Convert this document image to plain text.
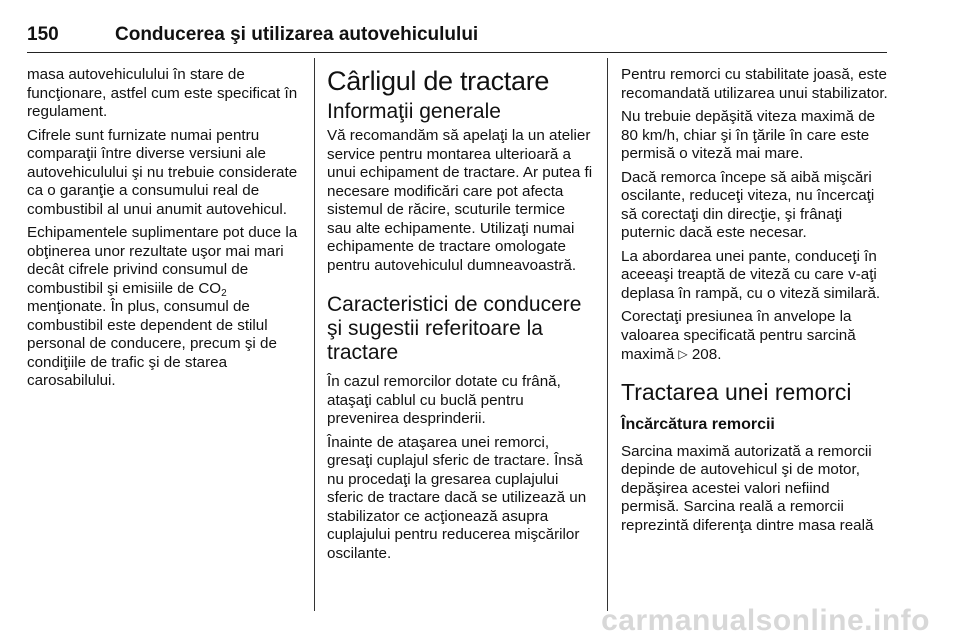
150	Conducerea şi utilizarea autovehiculului

masa autovehiculului în stare de funcţionare, astfel cum este specificat în regulament.

Cifrele sunt furnizate numai pentru comparaţii între diverse versiuni ale autovehiculului şi nu trebuie considerate ca o garanţie a consumului real de combustibil al unui anumit autovehicul.

Echipamentele suplimentare pot duce la obţinerea unor rezultate uşor mai mari decât cifrele privind consumul de combustibil şi emisiile de $CO_2$ menţionate. În plus, consumul de combustibil este dependent de stilul personal de conducere, precum şi de condiţiile de trafic şi de starea carosabilului.

Cârligul de tractare
Informaţii generale

Vă recomandăm să apelaţi la un atelier service pentru montarea ulterioară a unui echipament de tractare. Ar putea fi necesare modificări care pot afecta sistemul de răcire, scuturile termice sau alte echipamente. Utilizaţi numai echipamente de tractare omologate pentru autovehiculul dumneavoastră.

Caracteristici de conducere şi sugestii referitoare la tractare

În cazul remorcilor dotate cu frână, ataşaţi cablul cu buclă pentru prevenirea desprinderii.

Înainte de ataşarea unei remorci, gresaţi cuplajul sferic de tractare. Însă nu procedaţi la gresarea cuplajului sferic de tractare dacă se utilizează un stabilizator ce acţionează asupra cuplajului pentru reducerea mişcărilor oscilante.

Pentru remorci cu stabilitate joasă, este recomandată utilizarea unui stabilizator.

Nu trebuie depăşită viteza maximă de 80 km/h, chiar şi în ţările în care este permisă o viteză mai mare.

Dacă remorca începe să aibă mişcări oscilante, reduceţi viteza, nu încercaţi să corectaţi din direcţie, şi frânaţi puternic dacă este necesar.

La abordarea unei pante, conduceţi în aceeaşi treaptă de viteză cu care v-aţi deplasa în rampă, cu o viteză similară.

Corectaţi presiunea în anvelope la valoarea specificată pentru sarcină maximă ▷ 208.

Tractarea unei remorci
Încărcătura remorcii

Sarcina maximă autorizată a remorcii depinde de autovehicul şi de motor, depăşirea acestei valori nefiind permisă. Sarcina reală a remorcii reprezintă diferenţa dintre masa reală

carmanualsonline.info
